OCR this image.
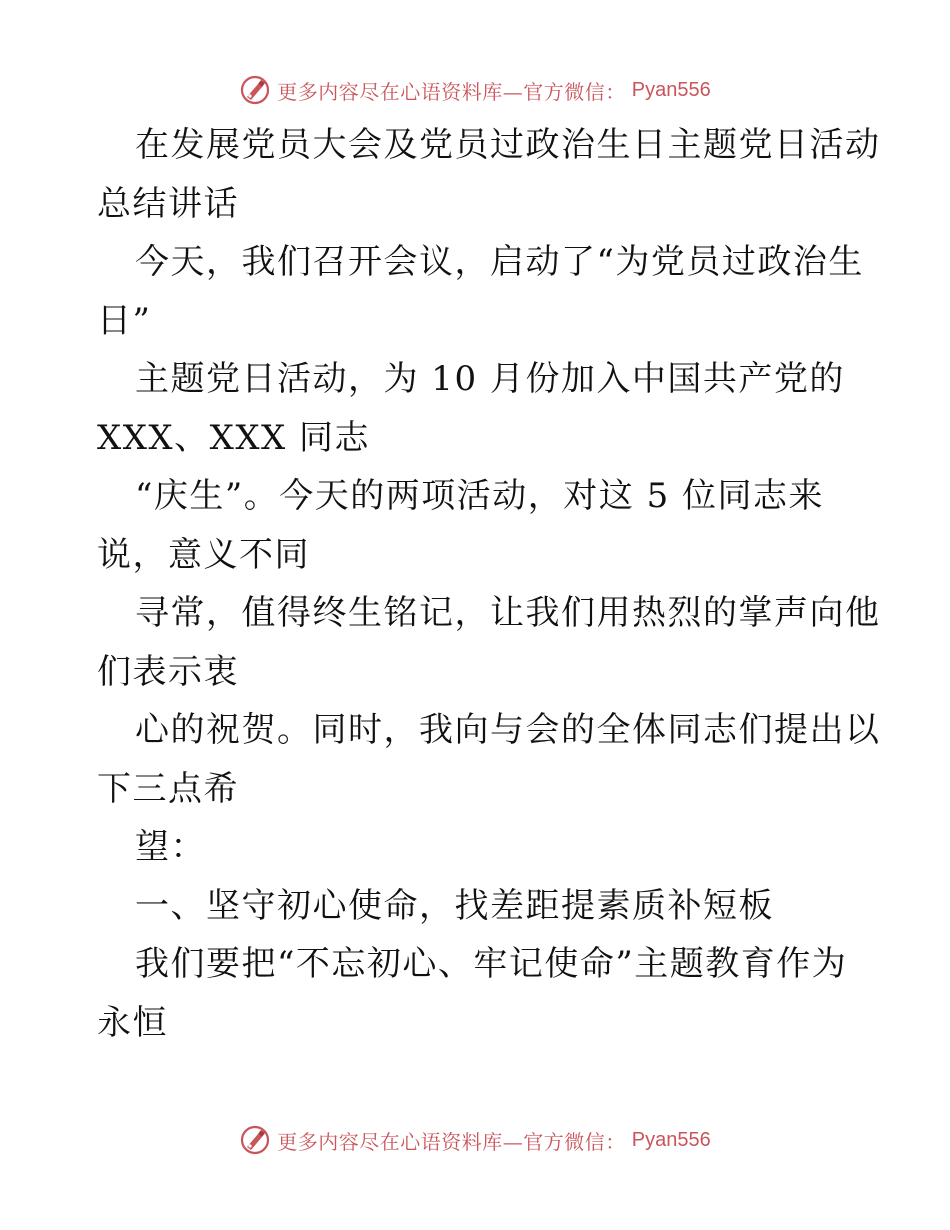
更多内容尽在心语资料库—官方微信： Pyan556
在发展党员大会及党员过政治生日主题党日活动
总结讲话
今天，我们召开会议，启动了“为党员过政治生
日”
主题党日活动，为 10 月份加入中国共产党的
XXX、XXX 同志
“庆生”。今天的两项活动，对这 5 位同志来
说，意义不同
寻常，值得终生铭记，让我们用热烈的掌声向他
们表示衷
心的祝贺。同时，我向与会的全体同志们提出以
下三点希
望：
一、坚守初心使命，找差距提素质补短板
我们要把“不忘初心、牢记使命”主题教育作为
永恒
更多内容尽在心语资料库—官方微信： Pyan556
